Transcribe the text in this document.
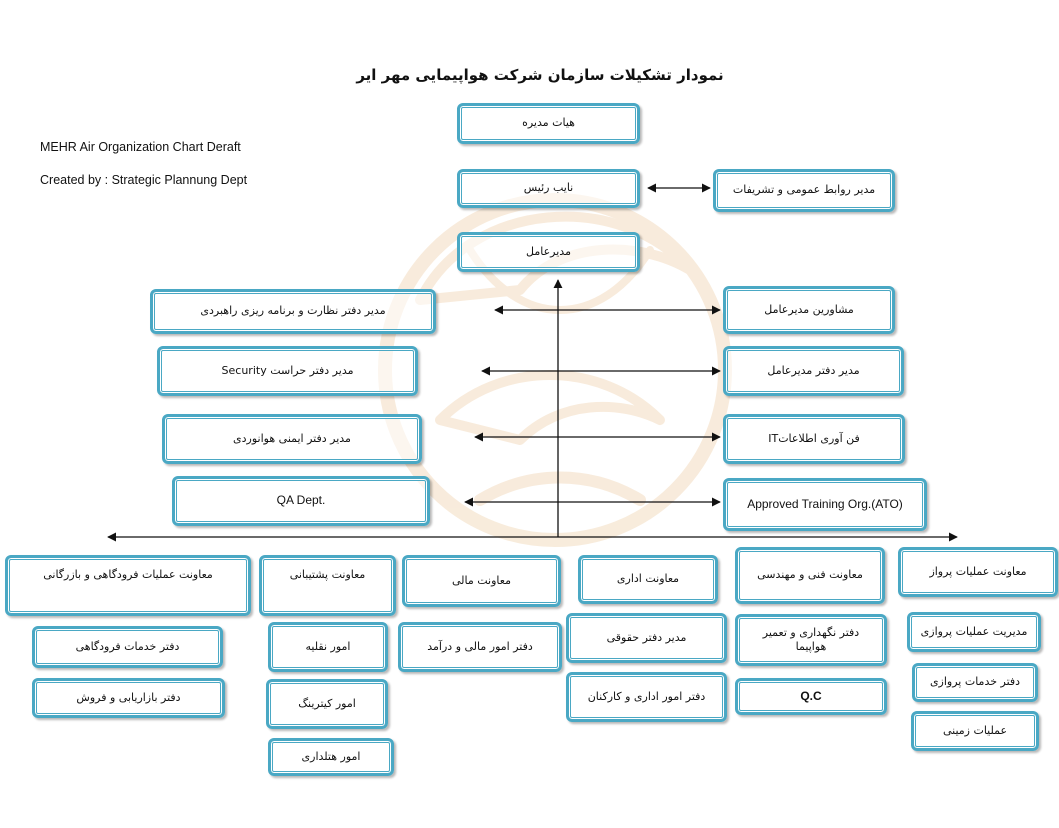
نمودار تشکیلات سازمان شرکت هواپیمایی مهر ایر
MEHR Air Organization Chart Deraft
Created by : Strategic Plannung Dept
هیات مدیره
نایب رئیس	مدیر روابط عمومی و تشریفات
مدیرعامل
مدیر دفتر نظارت و برنامه ریزی راهبردی
مدیر دفتر حراست Security
مدیر دفتر ایمنی هوانوردی
QA Dept.
مشاورین مدیرعامل
مدیر دفتر مدیرعامل
فن آوری اطلاعاتIT
Approved Training Org.(ATO)
معاونت عملیات فرودگاهی و بازرگانی	معاونت پشتیبانی	معاونت مالی	معاونت اداری	معاونت فنی و مهندسی	معاونت عملیات پرواز
دفتر خدمات فرودگاهی
دفتر بازاریابی و فروش
امور نقلیه
امور کیترینگ
امور هتلداری
دفتر امور مالی و درآمد
مدیر دفتر حقوقی
دفتر امور اداری و کارکنان
دفتر نگهداری و تعمیر هواپیما
Q.C
مدیریت عملیات پروازی
دفتر خدمات پروازی
عملیات زمینی
